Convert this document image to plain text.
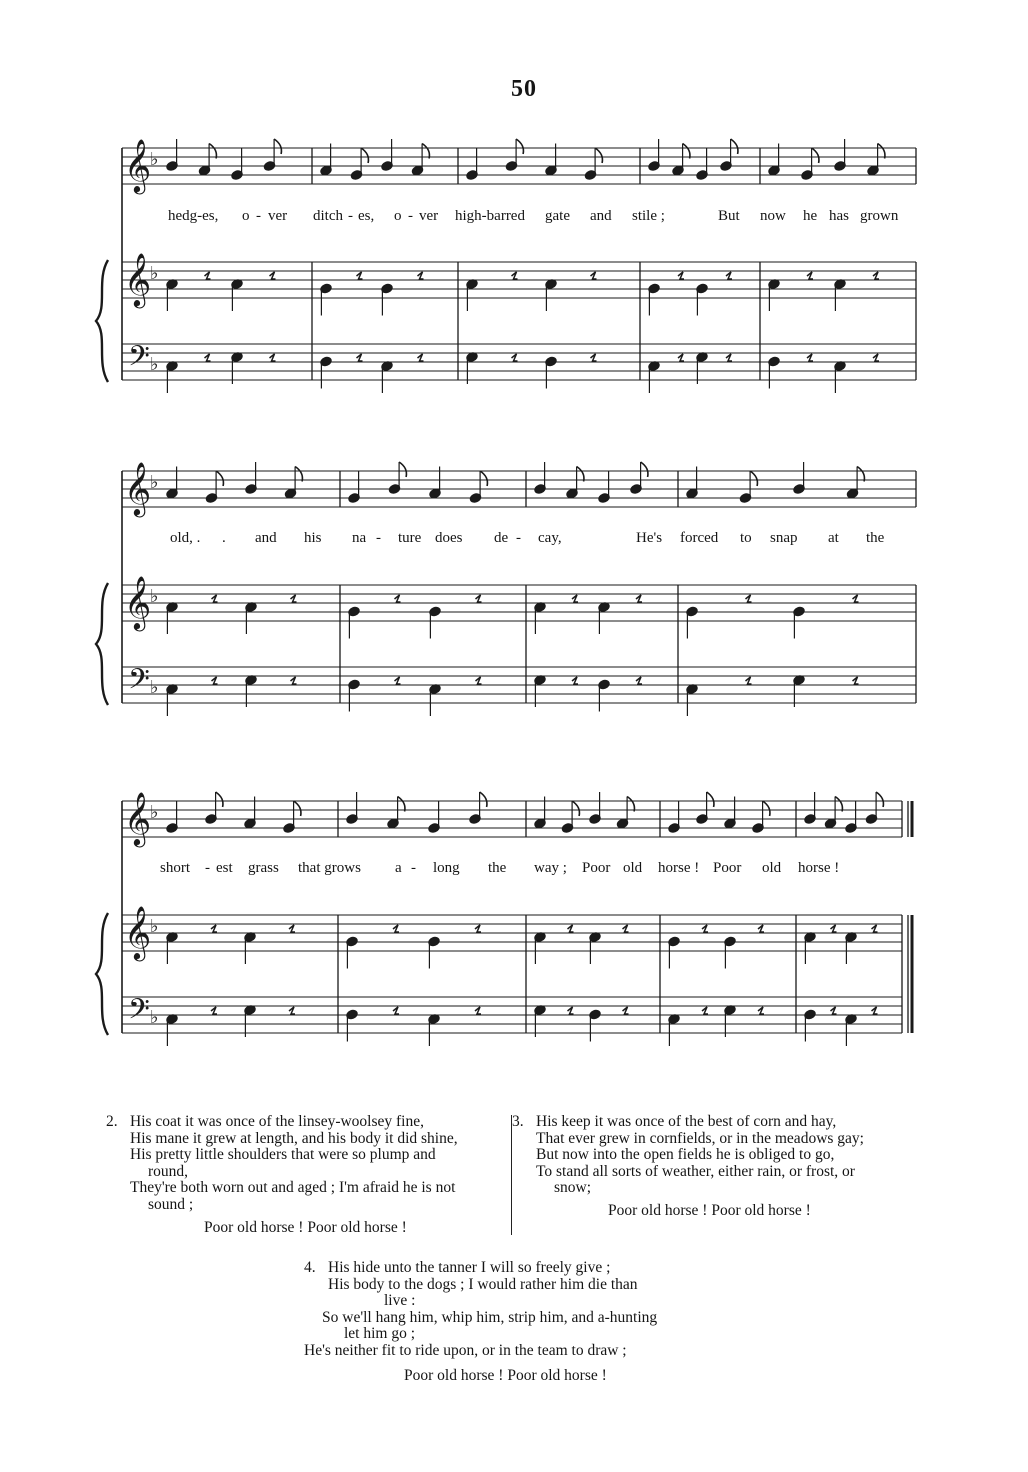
50
𝄞
♭
𝄞
♭
𝄢 ♭
𝄞
♭
𝄞
♭
𝄢 ♭
𝄞
♭
𝄞
♭
𝄢 ♭
hedg-es, o - ver ditch - es, o - ver high-barred gate and stile ;	But now he has grown
old, . . and his na - ture does de - cay,	He's forced to snap at the
short - est grass that grows a - long the way ; Poor old horse ! Poor old horse !
2. His coat it was once of the linsey-woolsey fine,
His mane it grew at length, and his body it did shine,
His pretty little shoulders that were so plump and
round,
They're both worn out and aged ; I'm afraid he is not
sound ;
Poor old horse ! Poor old horse !
3. His keep it was once of the best of corn and hay,
That ever grew in cornfields, or in the meadows gay;
But now into the open fields he is obliged to go,
To stand all sorts of weather, either rain, or frost, or
snow;
Poor old horse ! Poor old horse !
4. His hide unto the tanner I will so freely give ;
His body to the dogs ; I would rather him die than
live :
So we'll hang him, whip him, strip him, and a-hunting
let him go ;
He's neither fit to ride upon, or in the team to draw ;
Poor old horse ! Poor old horse !
